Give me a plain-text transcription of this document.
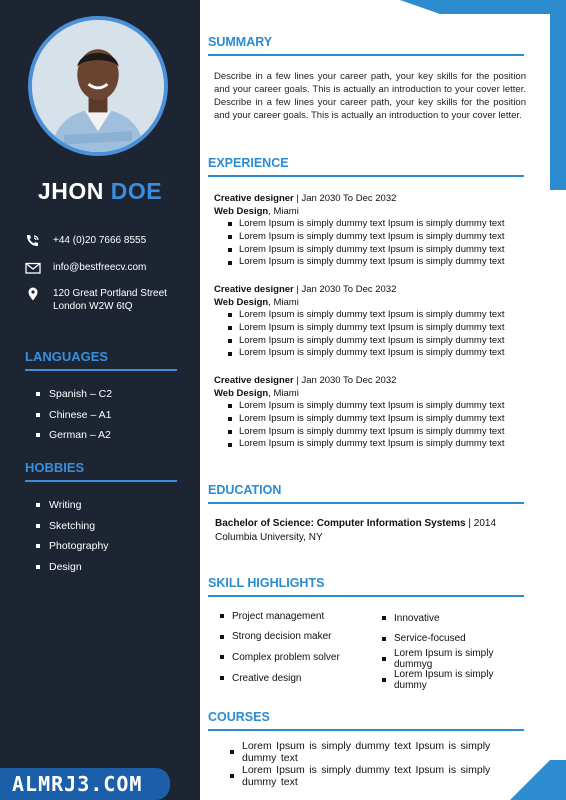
JHON DOE
+44 (0)20 7666 8555
info@bestfreecv.com
120 Great Portland Street
London W2W 6tQ
LANGUAGES
Spanish – C2
Chinese – A1
German – A2
HOBBIES
Writing
Sketching
Photography
Design
ALMRJ3.COM
SUMMARY

Describe in a few lines your career path, your key skills for the position and your career goals. This is actually an introduction to your cover letter. Describe in a few lines your career path, your key skills for the position and your career goals. This is actually an introduction to your cover letter.

EXPERIENCE
Creative designer | Jan 2030 To Dec 2032
Web Design, Miami
Lorem Ipsum is simply dummy text Ipsum is simply dummy text
Lorem Ipsum is simply dummy text Ipsum is simply dummy text
Lorem Ipsum is simply dummy text Ipsum is simply dummy text
Lorem Ipsum is simply dummy text Ipsum is simply dummy text
Creative designer | Jan 2030 To Dec 2032
Web Design, Miami
Lorem Ipsum is simply dummy text Ipsum is simply dummy text
Lorem Ipsum is simply dummy text Ipsum is simply dummy text
Lorem Ipsum is simply dummy text Ipsum is simply dummy text
Lorem Ipsum is simply dummy text Ipsum is simply dummy text
Creative designer | Jan 2030 To Dec 2032
Web Design, Miami
Lorem Ipsum is simply dummy text Ipsum is simply dummy text
Lorem Ipsum is simply dummy text Ipsum is simply dummy text
Lorem Ipsum is simply dummy text Ipsum is simply dummy text
Lorem Ipsum is simply dummy text Ipsum is simply dummy text
EDUCATION
Bachelor of Science: Computer Information Systems | 2014
Columbia University, NY
SKILL HIGHLIGHTS
Project management
Strong decision maker
Complex problem solver
Creative design
Innovative
Service-focused
Lorem Ipsum is simply dummyg
Lorem Ipsum is simply dummy
COURSES
Lorem Ipsum is simply dummy text Ipsum is simply dummy text
Lorem Ipsum is simply dummy text Ipsum is simply dummy text
